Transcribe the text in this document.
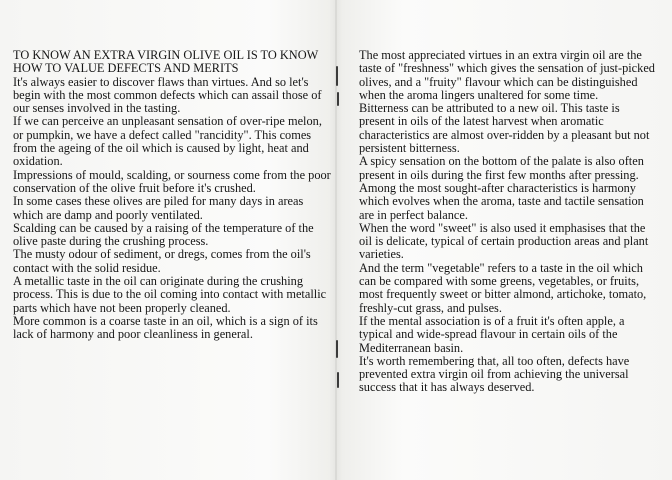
TO KNOW AN EXTRA VIRGIN OLIVE OIL IS TO KNOW HOW TO VALUE DEFECTS AND MERITS

It's always easier to discover flaws than virtues. And so let's begin with the most common defects which can assail those of our senses involved in the tasting.

If we can perceive an unpleasant sensation of over-ripe melon, or pumpkin, we have a defect called "rancidity". This comes from the ageing of the oil which is caused by light, heat and oxidation.

Impressions of mould, scalding, or sourness come from the poor conservation of the olive fruit before it's crushed.

In some cases these olives are piled for many days in areas which are damp and poorly ventilated.

Scalding can be caused by a raising of the temperature of the olive paste during the crushing process.

The musty odour of sediment, or dregs, comes from the oil's contact with the solid residue.

A metallic taste in the oil can originate during the crushing process. This is due to the oil coming into contact with metallic parts which have not been properly cleaned.

More common is a coarse taste in an oil, which is a sign of its lack of harmony and poor cleanliness in general.

The most appreciated virtues in an extra virgin oil are the taste of "freshness" which gives the sensation of just-picked olives, and a "fruity" flavour which can be distinguished when the aroma lingers unaltered for some time.

Bitterness can be attributed to a new oil. This taste is present in oils of the latest harvest when aromatic characteristics are almost over-ridden by a pleasant but not persistent bitterness.

A spicy sensation on the bottom of the palate is also often present in oils during the first few months after pressing.

Among the most sought-after characteristics is harmony which evolves when the aroma, taste and tactile sensation are in perfect balance.

When the word "sweet" is also used it emphasises that the oil is delicate, typical of certain production areas and plant varieties.

And the term "vegetable" refers to a taste in the oil which can be compared with some greens, vegetables, or fruits, most frequently sweet or bitter almond, artichoke, tomato, freshly-cut grass, and pulses.

If the mental association is of a fruit it's often apple, a typical and wide-spread flavour in certain oils of the Mediterranean basin.

It's worth remembering that, all too often, defects have prevented extra virgin oil from achieving the universal success that it has always deserved.
